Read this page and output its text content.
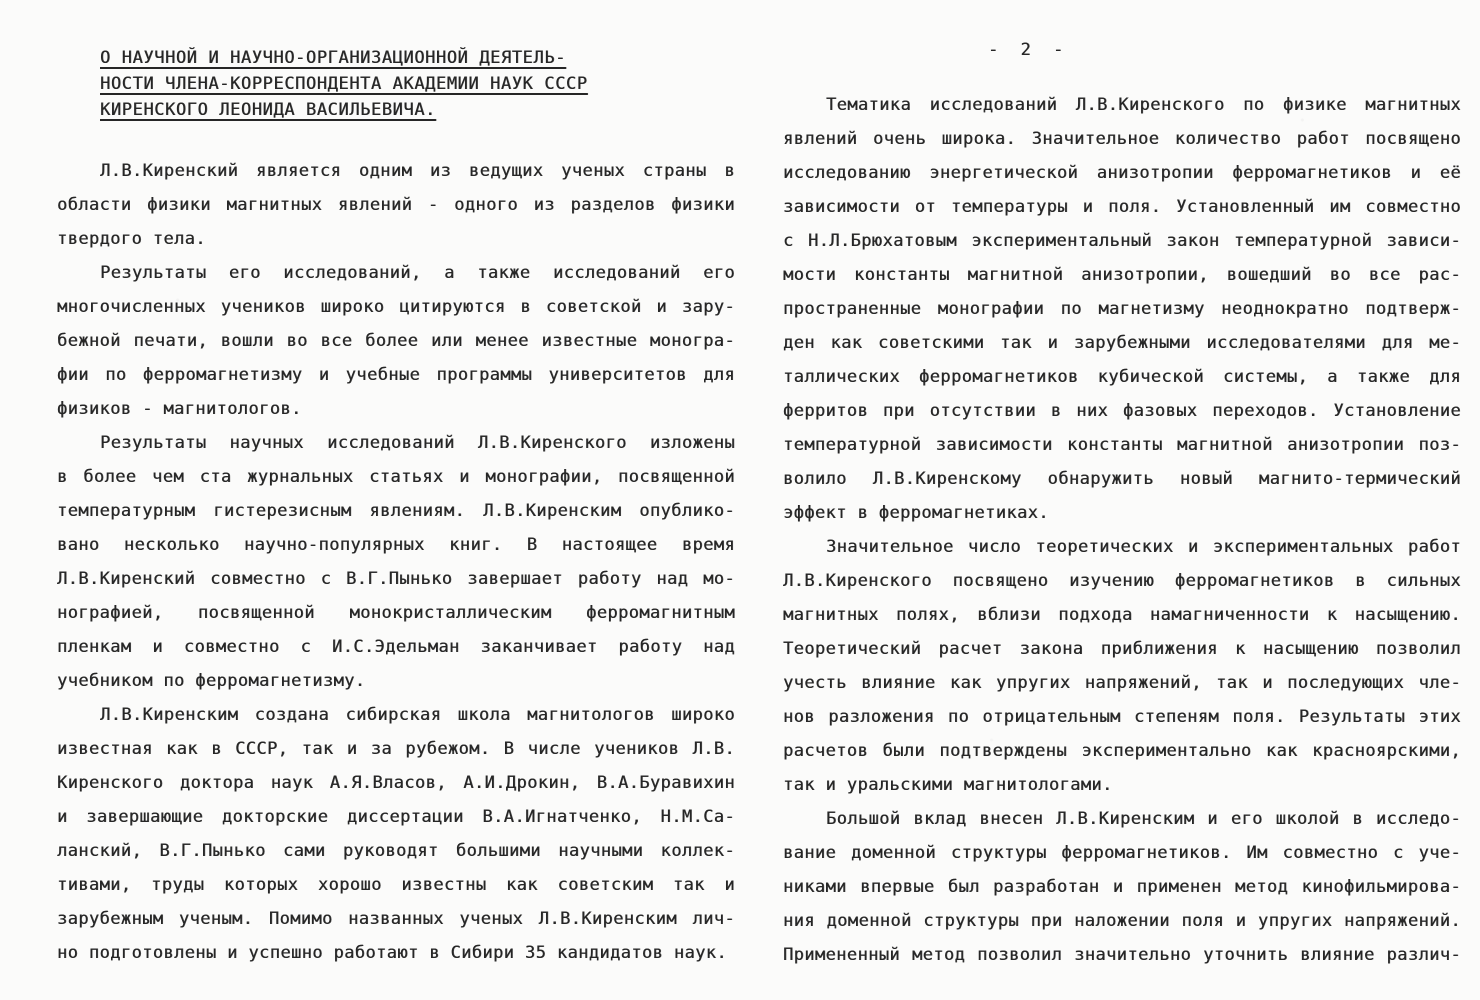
О НАУЧНОЙ И НАУЧНО-ОРГАНИЗАЦИОННОЙ ДЕЯТЕЛЬ-
НОСТИ ЧЛЕНА-КОРРЕСПОНДЕНТА АКАДЕМИИ НАУК СССР
КИРЕНСКОГО ЛЕОНИДА ВАСИЛЬЕВИЧА.
Л.В.Киренский является одним из ведущих ученых страны в
области физики магнитных явлений - одного из разделов физики
твердого тела.
Результаты его исследований, а также исследований его
многочисленных учеников широко цитируются в советской и зару-
бежной печати, вошли во все более или менее известные моногра-
фии по ферромагнетизму и учебные программы университетов для
физиков - магнитологов.
Результаты научных исследований Л.В.Киренского изложены
в более чем ста журнальных статьях и монографии, посвященной
температурным гистерезисным явлениям. Л.В.Киренским опублико-
вано несколько научно-популярных книг. В настоящее время
Л.В.Киренский совместно с В.Г.Пынько завершает работу над мо-
нографией, посвященной монокристаллическим ферромагнитным
пленкам и совместно с И.С.Эдельман заканчивает работу над
учебником по ферромагнетизму.
Л.В.Киренским создана сибирская школа магнитологов широко
известная как в СССР, так и за рубежом. В числе учеников Л.В.
Киренского доктора наук А.Я.Власов, А.И.Дрокин, В.А.Буравихин
и завершающие докторские диссертации В.А.Игнатченко, Н.М.Са-
ланский, В.Г.Пынько сами руководят большими научными коллек-
тивами, труды которых хорошо известны как советским так и
зарубежным ученым. Помимо названных ученых Л.В.Киренским лич-
но подготовлены и успешно работают в Сибири 35 кандидатов наук.
- 2 -
Тематика исследований Л.В.Киренского по физике магнитных
явлений очень широка. Значительное количество работ посвящено
исследованию энергетической анизотропии ферромагнетиков и её
зависимости от температуры и поля. Установленный им совместно
с Н.Л.Брюхатовым экспериментальный закон температурной зависи-
мости константы магнитной анизотропии, вошедший во все рас-
пространенные монографии по магнетизму неоднократно подтверж-
ден как советскими так и зарубежными исследователями для ме-
таллических ферромагнетиков кубической системы, а также для
ферритов при отсутствии в них фазовых переходов. Установление
температурной зависимости константы магнитной анизотропии поз-
волило Л.В.Киренскому обнаружить новый магнито-термический
эффект в ферромагнетиках.
Значительное число теоретических и экспериментальных работ
Л.В.Киренского посвящено изучению ферромагнетиков в сильных
магнитных полях, вблизи подхода намагниченности к насыщению.
Теоретический расчет закона приближения к насыщению позволил
учесть влияние как упругих напряжений, так и последующих чле-
нов разложения по отрицательным степеням поля. Результаты этих
расчетов были подтверждены экспериментально как красноярскими,
так и уральскими магнитологами.
Большой вклад внесен Л.В.Киренским и его школой в исследо-
вание доменной структуры ферромагнетиков. Им совместно с уче-
никами впервые был разработан и применен метод кинофильмирова-
ния доменной структуры при наложении поля и упругих напряжений.
Примененный метод позволил значительно уточнить влияние различ-
